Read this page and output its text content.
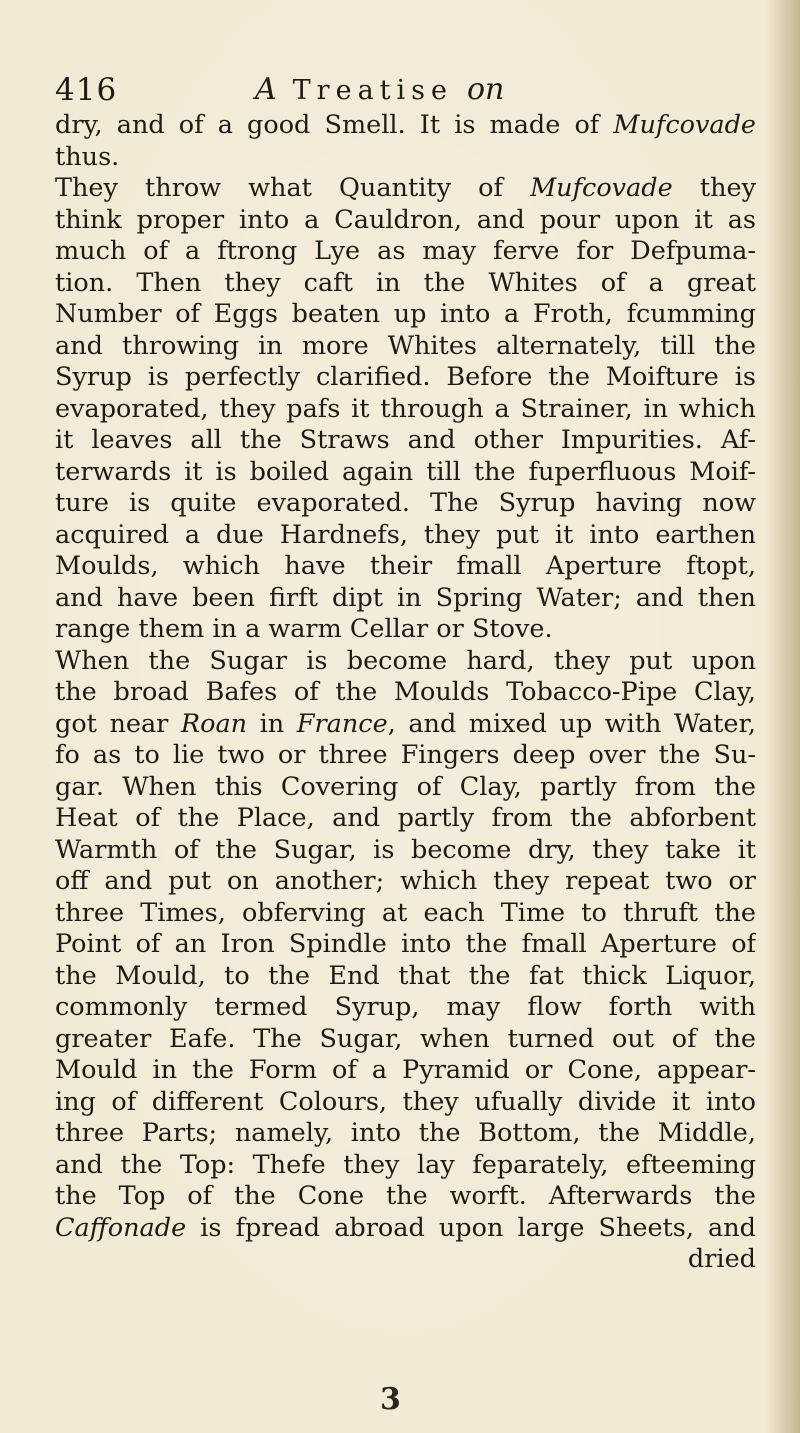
416	A Treatise on
dry, and of a good Smell. It is made of Mufcovade
thus.
They throw what Quantity of Mufcovade they
think proper into a Cauldron, and pour upon it as
much of a ftrong Lye as may ferve for Defpuma-
tion. Then they caft in the Whites of a great
Number of Eggs beaten up into a Froth, fcumming
and throwing in more Whites alternately, till the
Syrup is perfectly clarified. Before the Moifture is
evaporated, they pafs it through a Strainer, in which
it leaves all the Straws and other Impurities. Af-
terwards it is boiled again till the fuperfluous Moif-
ture is quite evaporated. The Syrup having now
acquired a due Hardnefs, they put it into earthen
Moulds, which have their fmall Aperture ftopt,
and have been firft dipt in Spring Water; and then
range them in a warm Cellar or Stove.
When the Sugar is become hard, they put upon
the broad Bafes of the Moulds Tobacco-Pipe Clay,
got near Roan in France, and mixed up with Water,
fo as to lie two or three Fingers deep over the Su-
gar. When this Covering of Clay, partly from the
Heat of the Place, and partly from the abforbent
Warmth of the Sugar, is become dry, they take it
off and put on another; which they repeat two or
three Times, obferving at each Time to thruft the
Point of an Iron Spindle into the fmall Aperture of
the Mould, to the End that the fat thick Liquor,
commonly termed Syrup, may flow forth with
greater Eafe. The Sugar, when turned out of the
Mould in the Form of a Pyramid or Cone, appear-
ing of different Colours, they ufually divide it into
three Parts; namely, into the Bottom, the Middle,
and the Top: Thefe they lay feparately, efteeming
the Top of the Cone the worft. Afterwards the
Caffonade is fpread abroad upon large Sheets, and
dried
3
